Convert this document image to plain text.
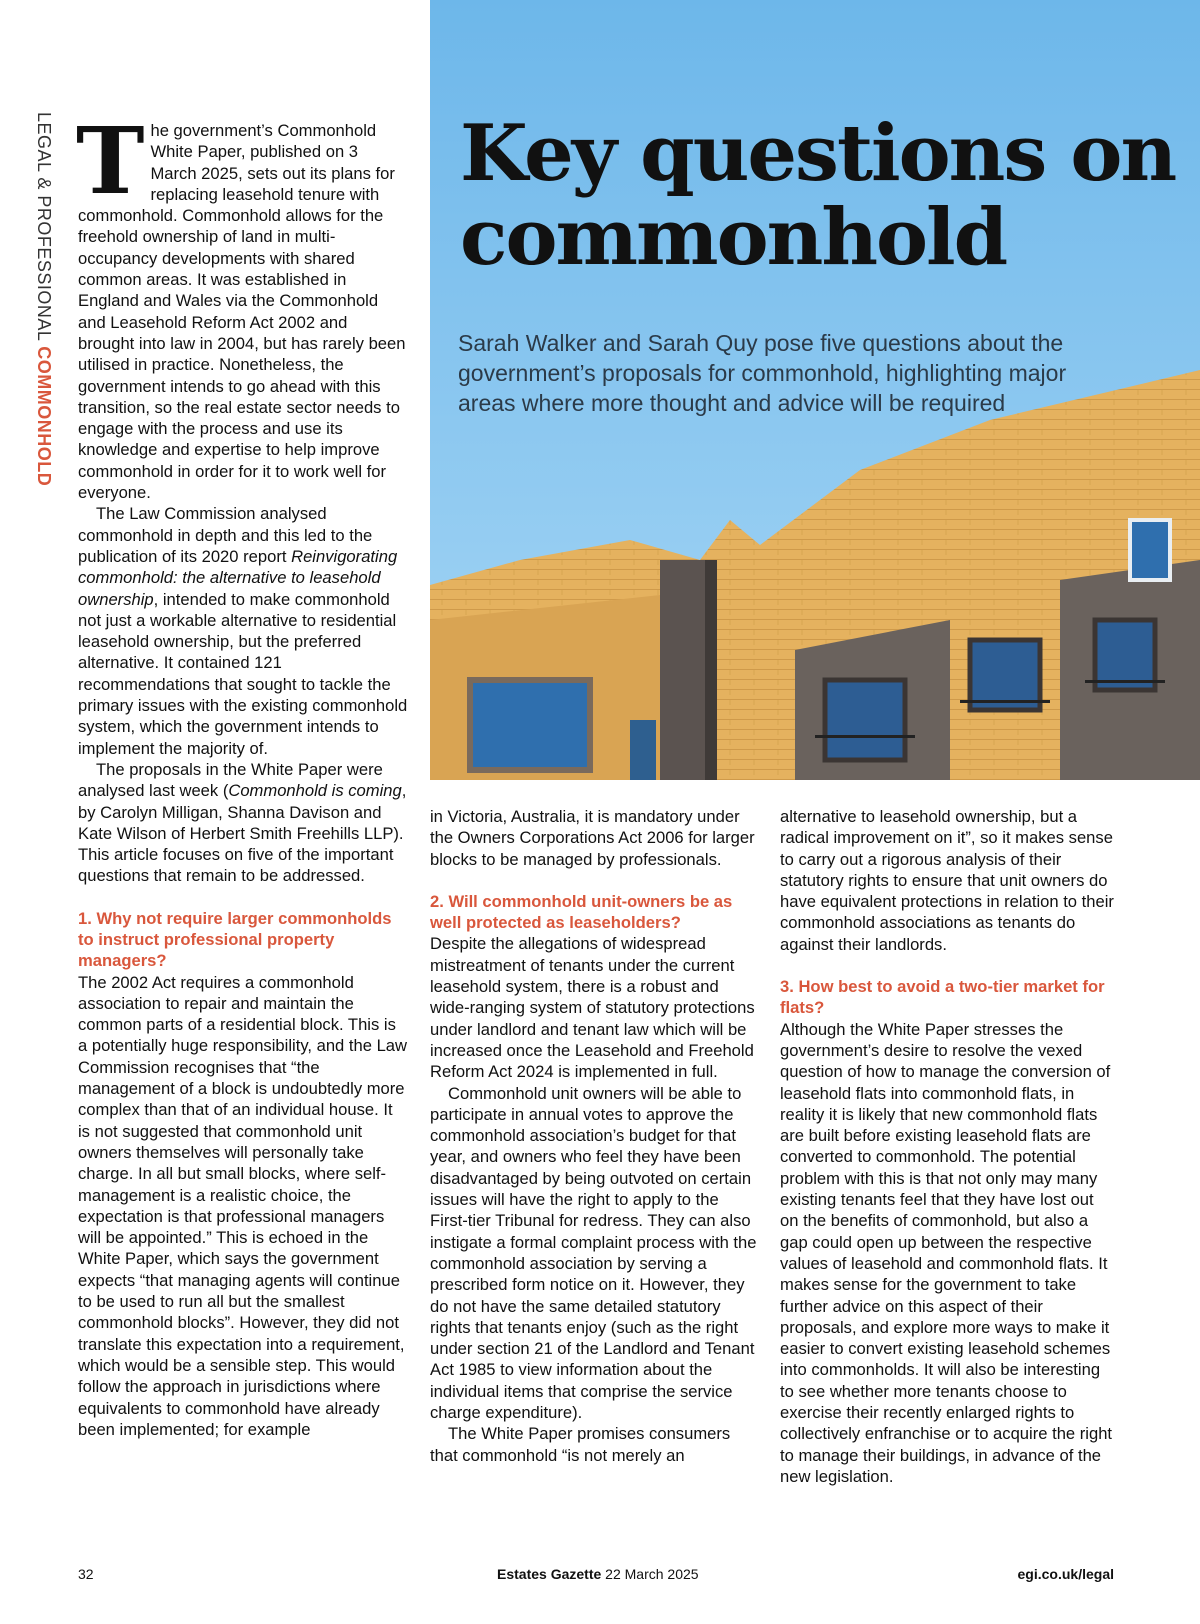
Key questions on commonhold
Sarah Walker and Sarah Quy pose five questions about the government’s proposals for commonhold, highlighting major areas where more thought and advice will be required
LEGAL & PROFESSIONAL COMMONHOLD

The government’s Commonhold White Paper, published on 3 March 2025, sets out its plans for replacing leasehold tenure with commonhold. Commonhold allows for the freehold ownership of land in multi-occupancy developments with shared common areas. It was established in England and Wales via the Commonhold and Leasehold Reform Act 2002 and brought into law in 2004, but has rarely been utilised in practice. Nonetheless, the government intends to go ahead with this transition, so the real estate sector needs to engage with the process and use its knowledge and expertise to help improve commonhold in order for it to work well for everyone.

The Law Commission analysed commonhold in depth and this led to the publication of its 2020 report Reinvigorating commonhold: the alternative to leasehold ownership, intended to make commonhold not just a workable alternative to residential leasehold ownership, but the preferred alternative. It contained 121 recommendations that sought to tackle the primary issues with the existing commonhold system, which the government intends to implement the majority of.

The proposals in the White Paper were analysed last week (Commonhold is coming, by Carolyn Milligan, Shanna Davison and Kate Wilson of Herbert Smith Freehills LLP). This article focuses on five of the important questions that remain to be addressed.

1. Why not require larger commonholds to instruct professional property managers?

The 2002 Act requires a commonhold association to repair and maintain the common parts of a residential block. This is a potentially huge responsibility, and the Law Commission recognises that “the management of a block is undoubtedly more complex than that of an individual house. It is not suggested that commonhold unit owners themselves will personally take charge. In all but small blocks, where self-management is a realistic choice, the expectation is that professional managers will be appointed.” This is echoed in the White Paper, which says the government expects “that managing agents will continue to be used to run all but the smallest commonhold blocks”. However, they did not translate this expectation into a requirement, which would be a sensible step. This would follow the approach in jurisdictions where equivalents to commonhold have already been implemented; for example

in Victoria, Australia, it is mandatory under the Owners Corporations Act 2006 for larger blocks to be managed by professionals.

2. Will commonhold unit-owners be as well protected as leaseholders?

Despite the allegations of widespread mistreatment of tenants under the current leasehold system, there is a robust and wide-ranging system of statutory protections under landlord and tenant law which will be increased once the Leasehold and Freehold Reform Act 2024 is implemented in full.

Commonhold unit owners will be able to participate in annual votes to approve the commonhold association’s budget for that year, and owners who feel they have been disadvantaged by being outvoted on certain issues will have the right to apply to the First-tier Tribunal for redress. They can also instigate a formal complaint process with the commonhold association by serving a prescribed form notice on it. However, they do not have the same detailed statutory rights that tenants enjoy (such as the right under section 21 of the Landlord and Tenant Act 1985 to view information about the individual items that comprise the service charge expenditure).

The White Paper promises consumers that commonhold “is not merely an

alternative to leasehold ownership, but a radical improvement on it”, so it makes sense to carry out a rigorous analysis of their statutory rights to ensure that unit owners do have equivalent protections in relation to their commonhold associations as tenants do against their landlords.

3. How best to avoid a two-tier market for flats?

Although the White Paper stresses the government’s desire to resolve the vexed question of how to manage the conversion of leasehold flats into commonhold flats, in reality it is likely that new commonhold flats are built before existing leasehold flats are converted to commonhold. The potential problem with this is that not only may many existing tenants feel that they have lost out on the benefits of commonhold, but also a gap could open up between the respective values of leasehold and commonhold flats. It makes sense for the government to take further advice on this aspect of their proposals, and explore more ways to make it easier to convert existing leasehold schemes into commonholds. It will also be interesting to see whether more tenants choose to exercise their recently enlarged rights to collectively enfranchise or to acquire the right to manage their buildings, in advance of the new legislation.

32	Estates Gazette 22 March 2025	egi.co.uk/legal
